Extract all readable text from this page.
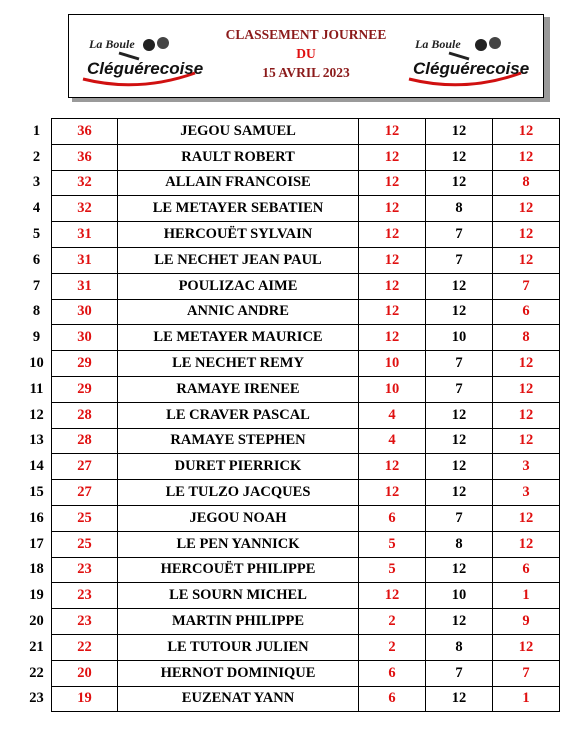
La Boule
Cléguérecoise
CLASSEMENT JOURNEE
DU
15 AVRIL 2023
La Boule
Cléguérecoise
1	36	JEGOU SAMUEL	12	12	12
2	36	RAULT ROBERT	12	12	12
3	32	ALLAIN FRANCOISE	12	12	8
4	32	LE METAYER SEBATIEN	12	8	12
5	31	HERCOUËT SYLVAIN	12	7	12
6	31	LE NECHET JEAN PAUL	12	7	12
7	31	POULIZAC AIME	12	12	7
8	30	ANNIC ANDRE	12	12	6
9	30	LE METAYER MAURICE	12	10	8
10	29	LE NECHET REMY	10	7	12
11	29	RAMAYE IRENEE	10	7	12
12	28	LE CRAVER PASCAL	4	12	12
13	28	RAMAYE STEPHEN	4	12	12
14	27	DURET PIERRICK	12	12	3
15	27	LE TULZO JACQUES	12	12	3
16	25	JEGOU NOAH	6	7	12
17	25	LE PEN YANNICK	5	8	12
18	23	HERCOUËT PHILIPPE	5	12	6
19	23	LE SOURN MICHEL	12	10	1
20	23	MARTIN PHILIPPE	2	12	9
21	22	LE TUTOUR JULIEN	2	8	12
22	20	HERNOT DOMINIQUE	6	7	7
23	19	EUZENAT YANN	6	12	1
